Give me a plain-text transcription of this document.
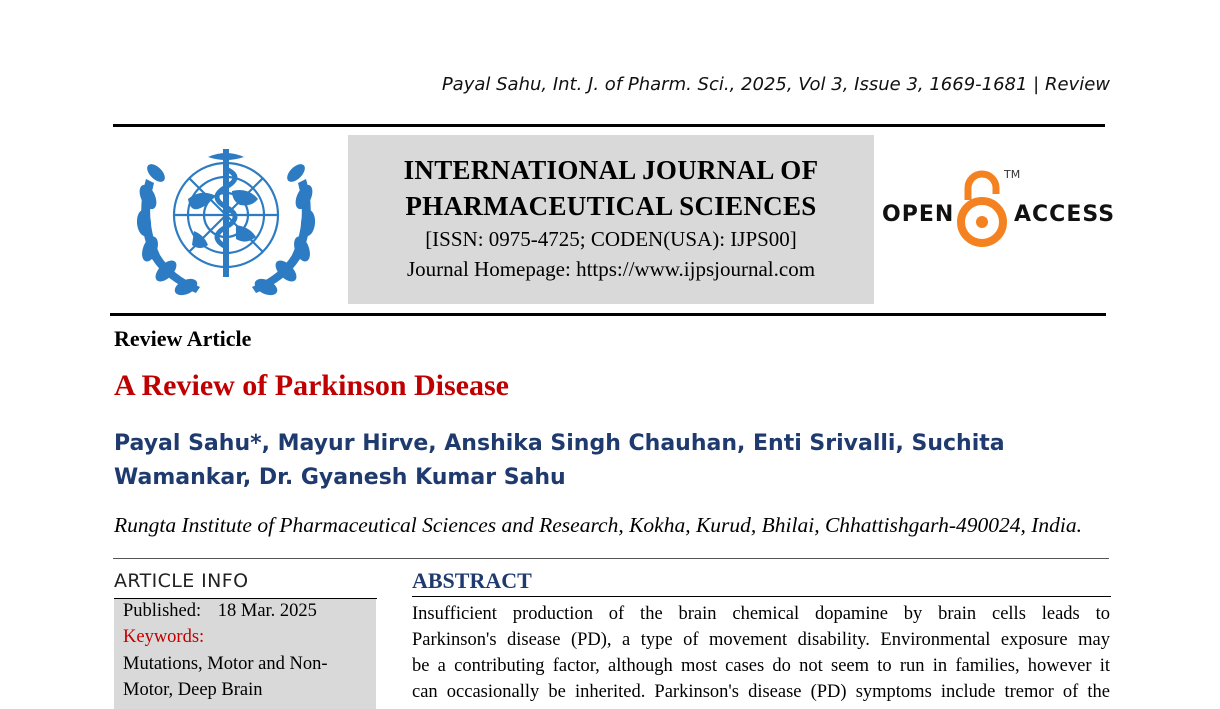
Payal Sahu, Int. J. of Pharm. Sci., 2025, Vol 3, Issue 3, 1669-1681 | Review
INTERNATIONAL JOURNAL OF
PHARMACEUTICAL SCIENCES
[ISSN: 0975-4725; CODEN(USA): IJPS00]
Journal Homepage: https://www.ijpsjournal.com
OPEN
TM
ACCESS
Review Article
A Review of Parkinson Disease
Payal Sahu*, Mayur Hirve, Anshika Singh Chauhan, Enti Srivalli, Suchita
Wamankar, Dr. Gyanesh Kumar Sahu
Rungta Institute of Pharmaceutical Sciences and Research, Kokha, Kurud, Bhilai, Chhattishgarh-490024, India.
ARTICLE INFO
Published: 18 Mar. 2025
Keywords:
Mutations, Motor and Non-
Motor, Deep Brain
ABSTRACT
Insufficient production of the brain chemical dopamine by brain cells leads to
Parkinson's disease (PD), a type of movement disability. Environmental exposure may
be a contributing factor, although most cases do not seem to run in families, however it
can occasionally be inherited. Parkinson's disease (PD) symptoms include tremor of the
